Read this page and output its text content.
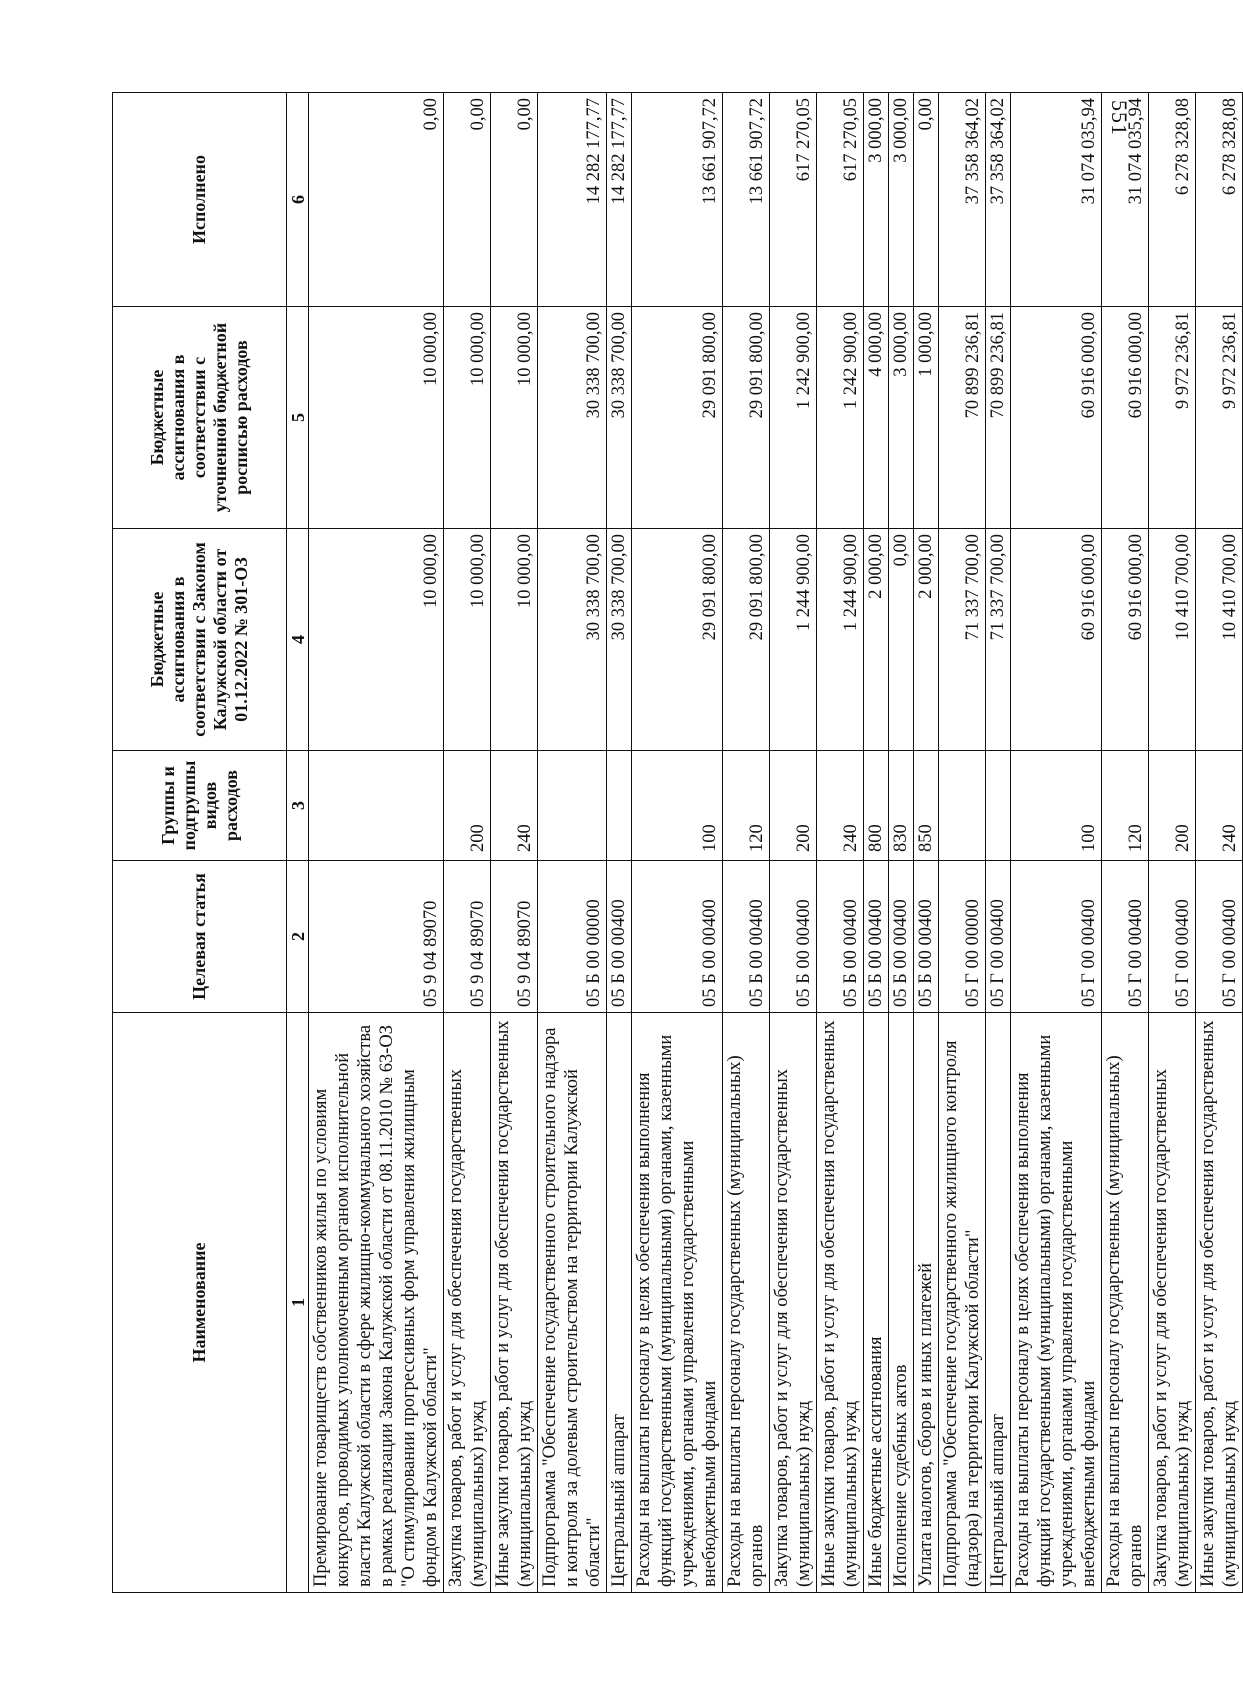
551
Наименование	Целевая статья	Группы и подгруппы видов расходов	Бюджетные ассигнования в соответствии с Законом Калужской области от 01.12.2022 № 301-ОЗ	Бюджетные ассигнования в соответствии с уточненной бюджетной росписью расходов	Исполнено
1	2	3	4	5	6
Премирование товариществ собственников жилья по условиям конкурсов, проводимых уполномоченным органом исполнительной власти Калужской области в сфере жилищно-коммунального хозяйства в рамках реализации Закона Калужской области от 08.11.2010 № 63-ОЗ "О стимулировании прогрессивных форм управления жилищным фондом в Калужской области"	05 9 04 89070		10 000,00	10 000,00	0,00
Закупка товаров, работ и услуг для обеспечения государственных (муниципальных) нужд	05 9 04 89070	200	10 000,00	10 000,00	0,00
Иные закупки товаров, работ и услуг для обеспечения государственных (муниципальных) нужд	05 9 04 89070	240	10 000,00	10 000,00	0,00
Подпрограмма "Обеспечение государственного строительного надзора и контроля за долевым строительством на территории Калужской области"	05 Б 00 00000		30 338 700,00	30 338 700,00	14 282 177,77
Центральный аппарат	05 Б 00 00400		30 338 700,00	30 338 700,00	14 282 177,77
Расходы на выплаты персоналу в целях обеспечения выполнения функций государственными (муниципальными) органами, казенными учреждениями, органами управления государственными внебюджетными фондами	05 Б 00 00400	100	29 091 800,00	29 091 800,00	13 661 907,72
Расходы на выплаты персоналу государственных (муниципальных) органов	05 Б 00 00400	120	29 091 800,00	29 091 800,00	13 661 907,72
Закупка товаров, работ и услуг для обеспечения государственных (муниципальных) нужд	05 Б 00 00400	200	1 244 900,00	1 242 900,00	617 270,05
Иные закупки товаров, работ и услуг для обеспечения государственных (муниципальных) нужд	05 Б 00 00400	240	1 244 900,00	1 242 900,00	617 270,05
Иные бюджетные ассигнования	05 Б 00 00400	800	2 000,00	4 000,00	3 000,00
Исполнение судебных актов	05 Б 00 00400	830	0,00	3 000,00	3 000,00
Уплата налогов, сборов и иных платежей	05 Б 00 00400	850	2 000,00	1 000,00	0,00
Подпрограмма "Обеспечение государственного жилищного контроля (надзора) на территории Калужской области"	05 Г 00 00000		71 337 700,00	70 899 236,81	37 358 364,02
Центральный аппарат	05 Г 00 00400		71 337 700,00	70 899 236,81	37 358 364,02
Расходы на выплаты персоналу в целях обеспечения выполнения функций государственными (муниципальными) органами, казенными учреждениями, органами управления государственными внебюджетными фондами	05 Г 00 00400	100	60 916 000,00	60 916 000,00	31 074 035,94
Расходы на выплаты персоналу государственных (муниципальных) органов	05 Г 00 00400	120	60 916 000,00	60 916 000,00	31 074 035,94
Закупка товаров, работ и услуг для обеспечения государственных (муниципальных) нужд	05 Г 00 00400	200	10 410 700,00	9 972 236,81	6 278 328,08
Иные закупки товаров, работ и услуг для обеспечения государственных (муниципальных) нужд	05 Г 00 00400	240	10 410 700,00	9 972 236,81	6 278 328,08
